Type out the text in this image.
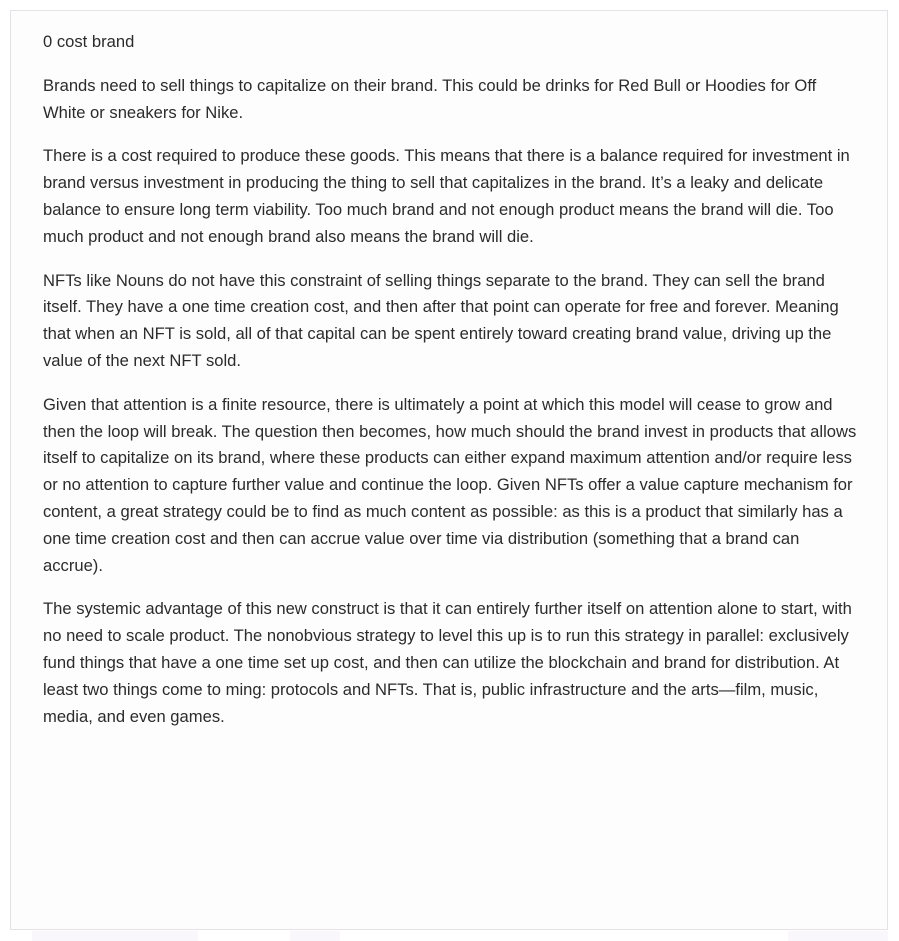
0 cost brand

Brands need to sell things to capitalize on their brand. This could be drinks for Red Bull or Hoodies for Off White or sneakers for Nike.

There is a cost required to produce these goods. This means that there is a balance required for investment in brand versus investment in producing the thing to sell that capitalizes in the brand. It’s a leaky and delicate balance to ensure long term viability. Too much brand and not enough product means the brand will die. Too much product and not enough brand also means the brand will die.

NFTs like Nouns do not have this constraint of selling things separate to the brand. They can sell the brand itself. They have a one time creation cost, and then after that point can operate for free and forever. Meaning that when an NFT is sold, all of that capital can be spent entirely toward creating brand value, driving up the value of the next NFT sold.

Given that attention is a finite resource, there is ultimately a point at which this model will cease to grow and then the loop will break. The question then becomes, how much should the brand invest in products that allows itself to capitalize on its brand, where these products can either expand maximum attention and/or require less or no attention to capture further value and continue the loop. Given NFTs offer a value capture mechanism for content, a great strategy could be to find as much content as possible: as this is a product that similarly has a one time creation cost and then can accrue value over time via distribution (something that a brand can accrue).

The systemic advantage of this new construct is that it can entirely further itself on attention alone to start, with no need to scale product. The nonobvious strategy to level this up is to run this strategy in parallel: exclusively fund things that have a one time set up cost, and then can utilize the blockchain and brand for distribution. At least two things come to ming: protocols and NFTs. That is, public infrastructure and the arts—film, music, media, and even games.
